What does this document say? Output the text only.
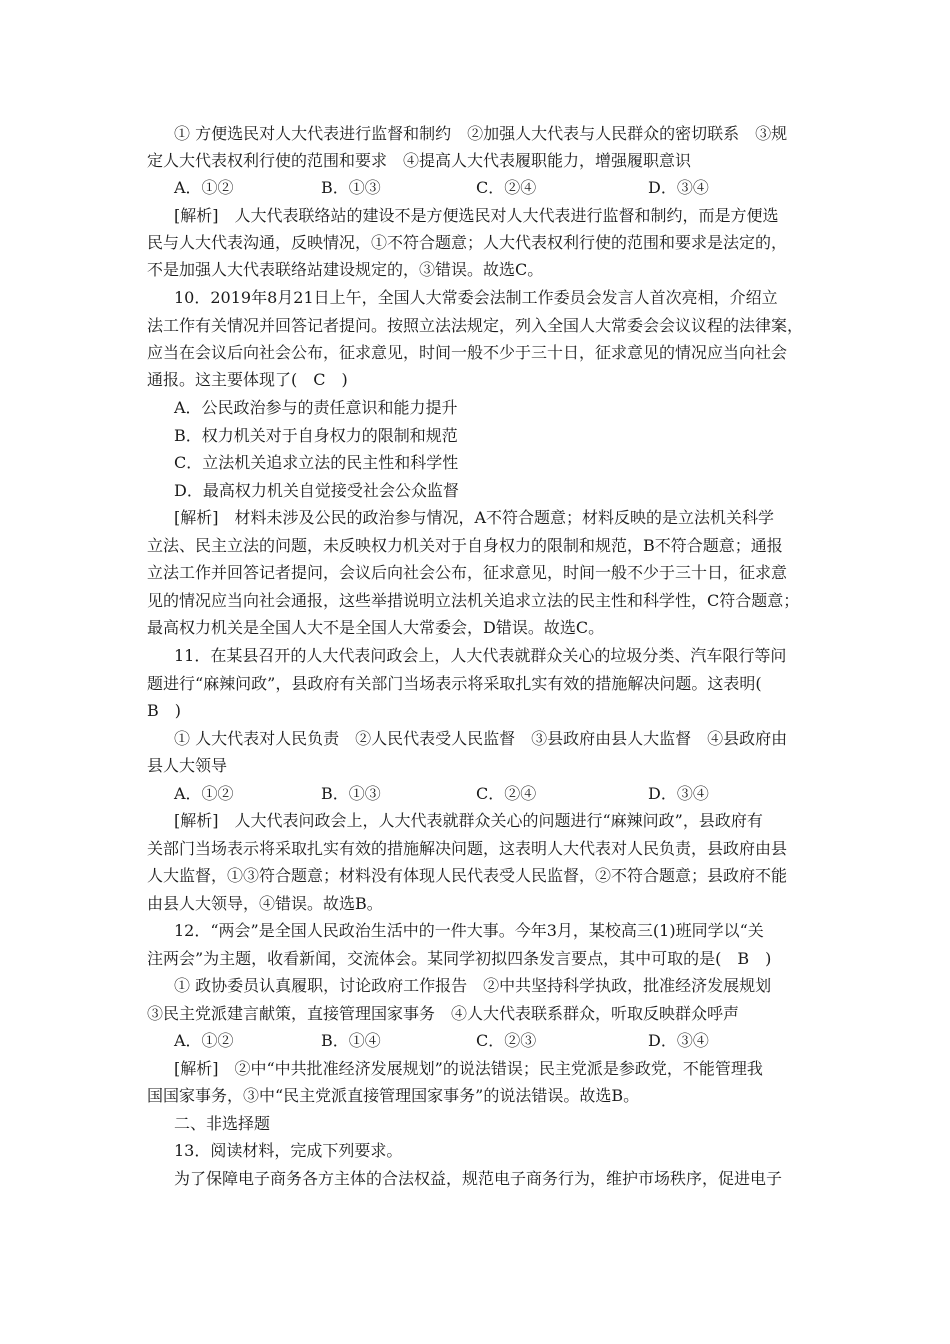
① 方便选民对人大代表进行监督和制约　②加强人大代表与人民群众的密切联系　③规
定人大代表权利行使的范围和要求　④提高人大代表履职能力，增强履职意识
A．①②	B．①③	C．②④	D．③④
[解析]　人大代表联络站的建设不是方便选民对人大代表进行监督和制约，而是方便选
民与人大代表沟通，反映情况，①不符合题意；人大代表权利行使的范围和要求是法定的，
不是加强人大代表联络站建设规定的，③错误。故选C。
10．2019年8月21日上午，全国人大常委会法制工作委员会发言人首次亮相，介绍立
法工作有关情况并回答记者提问。按照立法法规定，列入全国人大常委会会议议程的法律案，
应当在会议后向社会公布，征求意见，时间一般不少于三十日，征求意见的情况应当向社会
通报。这主要体现了(　C　)
A．公民政治参与的责任意识和能力提升
B．权力机关对于自身权力的限制和规范
C．立法机关追求立法的民主性和科学性
D．最高权力机关自觉接受社会公众监督
[解析]　材料未涉及公民的政治参与情况，A不符合题意；材料反映的是立法机关科学
立法、民主立法的问题，未反映权力机关对于自身权力的限制和规范，B不符合题意；通报
立法工作并回答记者提问，会议后向社会公布，征求意见，时间一般不少于三十日，征求意
见的情况应当向社会通报，这些举措说明立法机关追求立法的民主性和科学性，C符合题意；
最高权力机关是全国人大不是全国人大常委会，D错误。故选C。
11．在某县召开的人大代表问政会上，人大代表就群众关心的垃圾分类、汽车限行等问
题进行“麻辣问政”，县政府有关部门当场表示将采取扎实有效的措施解决问题。这表明(
B　)
① 人大代表对人民负责　②人民代表受人民监督　③县政府由县人大监督　④县政府由
县人大领导
A．①②	B．①③	C．②④	D．③④
[解析]　人大代表问政会上，人大代表就群众关心的问题进行“麻辣问政”，县政府有
关部门当场表示将采取扎实有效的措施解决问题，这表明人大代表对人民负责，县政府由县
人大监督，①③符合题意；材料没有体现人民代表受人民监督，②不符合题意；县政府不能
由县人大领导，④错误。故选B。
12．“两会”是全国人民政治生活中的一件大事。今年3月，某校高三(1)班同学以“关
注两会”为主题，收看新闻，交流体会。某同学初拟四条发言要点，其中可取的是(　B　)
① 政协委员认真履职，讨论政府工作报告　②中共坚持科学执政，批准经济发展规划
③民主党派建言献策，直接管理国家事务　④人大代表联系群众，听取反映群众呼声
A．①②	B．①④	C．②③	D．③④
[解析]　②中“中共批准经济发展规划”的说法错误；民主党派是参政党，不能管理我
国国家事务，③中“民主党派直接管理国家事务”的说法错误。故选B。
二、非选择题
13．阅读材料，完成下列要求。
为了保障电子商务各方主体的合法权益，规范电子商务行为，维护市场秩序，促进电子
